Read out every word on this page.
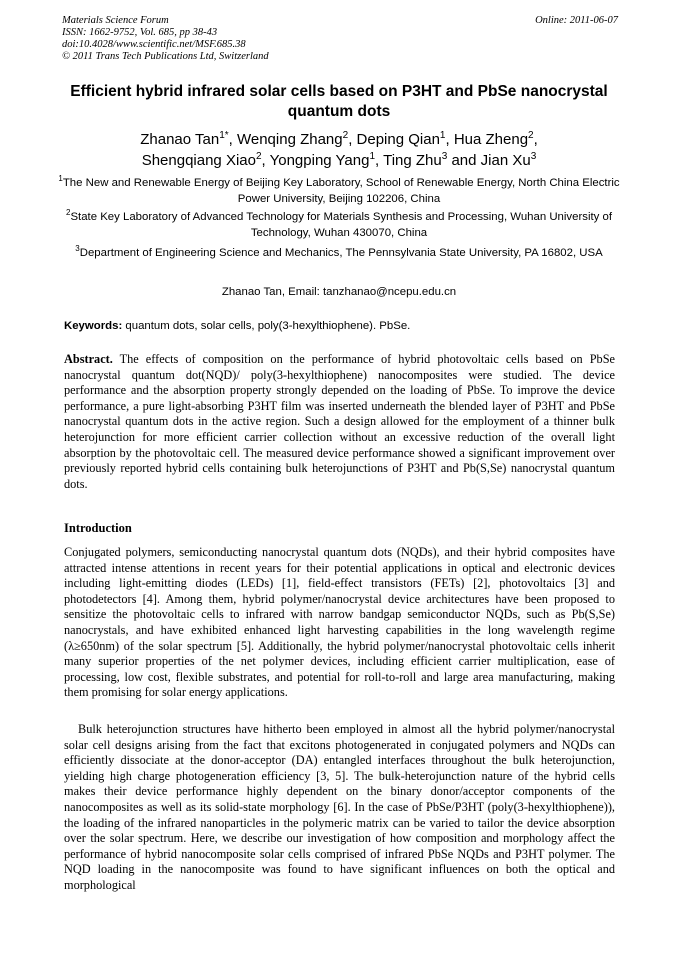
Materials Science Forum
ISSN: 1662-9752, Vol. 685, pp 38-43
doi:10.4028/www.scientific.net/MSF.685.38
© 2011 Trans Tech Publications Ltd, Switzerland
Online: 2011-06-07
Efficient hybrid infrared solar cells based on P3HT and PbSe nanocrystal quantum dots
Zhanao Tan$^{1*}$, Wenqing Zhang$^2$, Deping Qian$^1$, Hua Zheng$^2$,
Shengqiang Xiao$^2$, Yongping Yang$^1$, Ting Zhu$^3$ and Jian Xu$^3$
$^1$The New and Renewable Energy of Beijing Key Laboratory, School of Renewable Energy, North China Electric Power University, Beijing 102206, China
$^2$State Key Laboratory of Advanced Technology for Materials Synthesis and Processing, Wuhan University of Technology, Wuhan 430070, China
$^3$Department of Engineering Science and Mechanics, The Pennsylvania State University, PA 16802, USA
Zhanao Tan, Email: tanzhanao@ncepu.edu.cn
Keywords: quantum dots, solar cells, poly(3-hexylthiophene). PbSe.
Abstract. The effects of composition on the performance of hybrid photovoltaic cells based on PbSe nanocrystal quantum dot(NQD)/ poly(3-hexylthiophene) nanocomposites were studied. The device performance and the absorption property strongly depended on the loading of PbSe. To improve the device performance, a pure light-absorbing P3HT film was inserted underneath the blended layer of P3HT and PbSe nanocrystal quantum dots in the active region. Such a design allowed for the employment of a thinner bulk heterojunction for more efficient carrier collection without an excessive reduction of the overall light absorption by the photovoltaic cell. The measured device performance showed a significant improvement over previously reported hybrid cells containing bulk heterojunctions of P3HT and Pb(S,Se) nanocrystal quantum dots.
Introduction
Conjugated polymers, semiconducting nanocrystal quantum dots (NQDs), and their hybrid composites have attracted intense attentions in recent years for their potential applications in optical and electronic devices including light-emitting diodes (LEDs) [1], field-effect transistors (FETs) [2], photovoltaics [3] and photodetectors [4]. Among them, hybrid polymer/nanocrystal device architectures have been proposed to sensitize the photovoltaic cells to infrared with narrow bandgap semiconductor NQDs, such as Pb(S,Se) nanocrystals, and have exhibited enhanced light harvesting capabilities in the long wavelength regime (λ≥650nm) of the solar spectrum [5]. Additionally, the hybrid polymer/nanocrystal photovoltaic cells inherit many superior properties of the net polymer devices, including efficient carrier multiplication, ease of processing, low cost, flexible substrates, and potential for roll-to-roll and large area manufacturing, making them promising for solar energy applications.
Bulk heterojunction structures have hitherto been employed in almost all the hybrid polymer/nanocrystal solar cell designs arising from the fact that excitons photogenerated in conjugated polymers and NQDs can efficiently dissociate at the donor-acceptor (DA) entangled interfaces throughout the bulk heterojunction, yielding high charge photogeneration efficiency [3, 5]. The bulk-heterojunction nature of the hybrid cells makes their device performance highly dependent on the binary donor/acceptor components of the nanocomposites as well as its solid-state morphology [6]. In the case of PbSe/P3HT (poly(3-hexylthiophene)), the loading of the infrared nanoparticles in the polymeric matrix can be varied to tailor the device absorption over the solar spectrum. Here, we describe our investigation of how composition and morphology affect the performance of hybrid nanocomposite solar cells comprised of infrared PbSe NQDs and P3HT polymer. The NQD loading in the nanocomposite was found to have significant influences on both the optical and morphological
